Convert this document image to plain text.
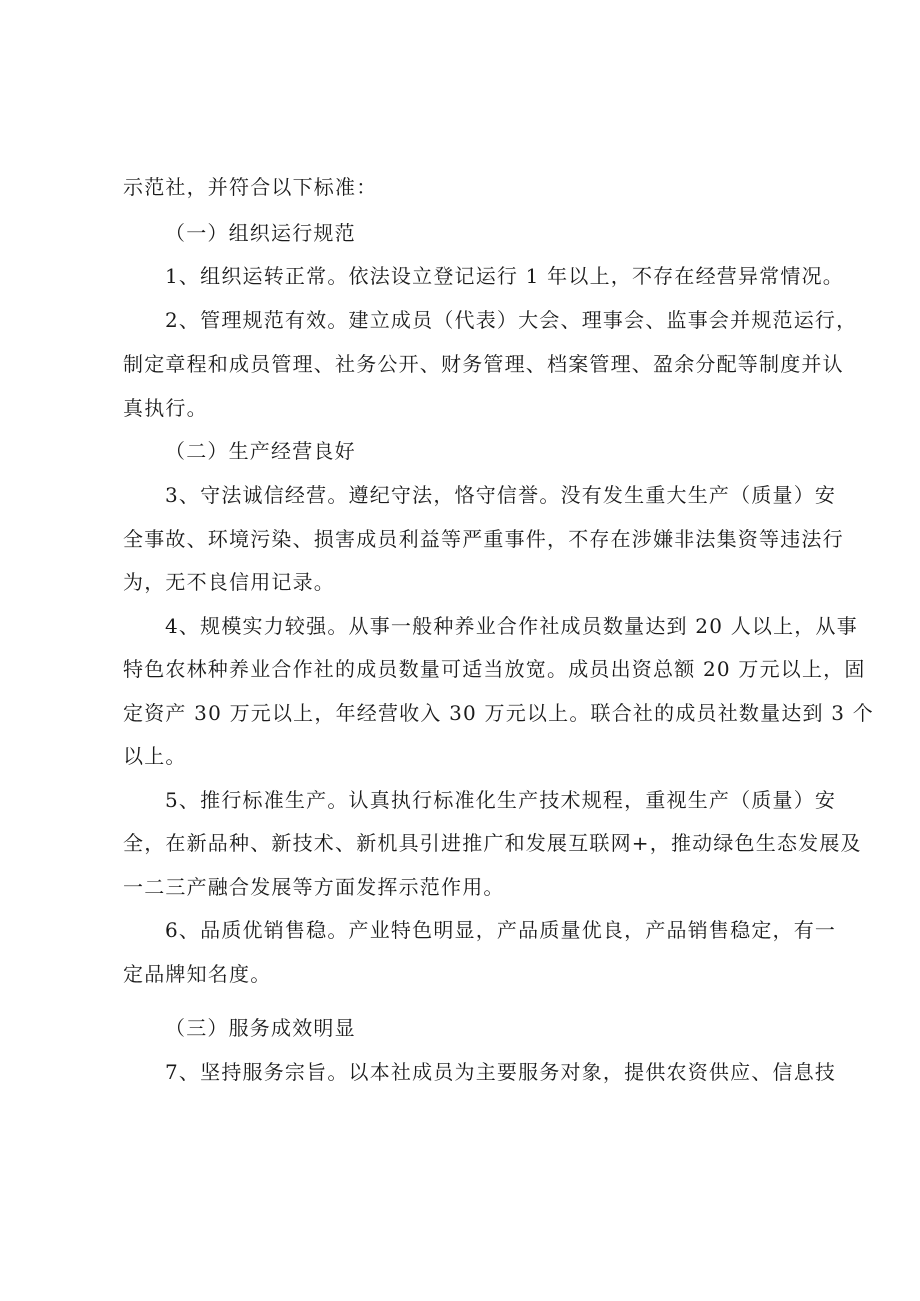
示范社，并符合以下标准：
（一）组织运行规范
1、组织运转正常。依法设立登记运行 1 年以上，不存在经营异常情况。
2、管理规范有效。建立成员（代表）大会、理事会、监事会并规范运行，
制定章程和成员管理、社务公开、财务管理、档案管理、盈余分配等制度并认
真执行。
（二）生产经营良好
3、守法诚信经营。遵纪守法，恪守信誉。没有发生重大生产（质量）安
全事故、环境污染、损害成员利益等严重事件，不存在涉嫌非法集资等违法行
为，无不良信用记录。
4、规模实力较强。从事一般种养业合作社成员数量达到 20 人以上，从事
特色农林种养业合作社的成员数量可适当放宽。成员出资总额 20 万元以上，固
定资产 30 万元以上，年经营收入 30 万元以上。联合社的成员社数量达到 3 个
以上。
5、推行标准生产。认真执行标准化生产技术规程，重视生产（质量）安
全，在新品种、新技术、新机具引进推广和发展互联网+，推动绿色生态发展及
一二三产融合发展等方面发挥示范作用。
6、品质优销售稳。产业特色明显，产品质量优良，产品销售稳定，有一
定品牌知名度。
（三）服务成效明显
7、坚持服务宗旨。以本社成员为主要服务对象，提供农资供应、信息技
